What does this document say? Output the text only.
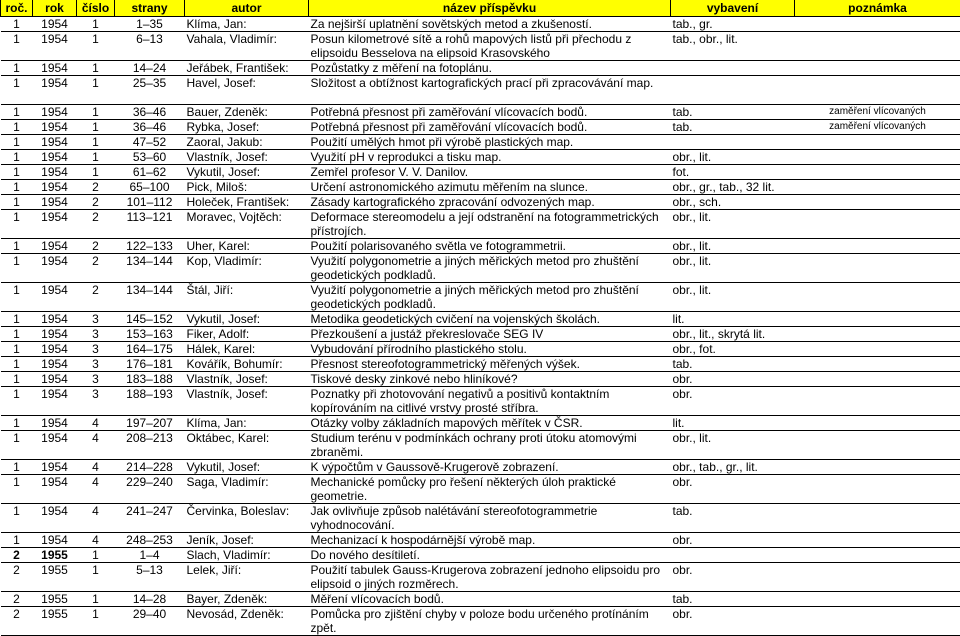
roč.	rok	číslo	strany	autor	název příspěvku	vybavení	poznámka
1	1954	1	1–35	Klíma, Jan:	Za nejširší uplatnění sovětských metod a zkušeností.	tab., gr.	
1	1954	1	6–13	Vahala, Vladimír:	Posun kilometrové sítě a rohů mapových listů při přechodu z elipsoidu Besselova na elipsoid Krasovského	tab., obr., lit.	
1	1954	1	14–24	Jeřábek, František:	Pozůstatky z měření na fotoplánu.		
1	1954	1	25–35	Havel, Josef:	Složitost a obtížnost kartografických prací při zpracovávání map.		
1	1954	1	36–46	Bauer, Zdeněk:	Potřebná přesnost při zaměřování vlícovacích bodů.	tab.	zaměření vlícovaných
1	1954	1	36–46	Rybka, Josef:	Potřebná přesnost při zaměřování vlícovacích bodů.	tab.	zaměření vlícovaných
1	1954	1	47–52	Zaoral, Jakub:	Použití umělých hmot při výrobě plastických map.		
1	1954	1	53–60	Vlastník, Josef:	Využití pH v reprodukci a tisku map.	obr., lit.	
1	1954	1	61–62	Vykutil, Josef:	Zemřel profesor V. V. Danilov.	fot.	
1	1954	2	65–100	Pick, Miloš:	Určení astronomického azimutu měřením na slunce.	obr., gr., tab., 32 lit.	
1	1954	2	101–112	Holeček, František:	Zásady kartografického zpracování odvozených map.	obr., sch.	
1	1954	2	113–121	Moravec, Vojtěch:	Deformace stereomodelu a její odstranění na fotogrammetrických přístrojích.	obr., lit.	
1	1954	2	122–133	Uher, Karel:	Použití polarisovaného světla ve fotogrammetrii.	obr., lit.	
1	1954	2	134–144	Kop, Vladimír:	Využití polygonometrie a jiných měřických metod pro zhuštění geodetických podkladů.	obr., lit.	
1	1954	2	134–144	Štál, Jiří:	Využití polygonometrie a jiných měřických metod pro zhuštění geodetických podkladů.	obr., lit.	
1	1954	3	145–152	Vykutil, Josef:	Metodika geodetických cvičení na vojenských školách.	lit.	
1	1954	3	153–163	Fiker, Adolf:	Přezkoušení a justáž překreslovače SEG IV	obr., lit., skrytá lit.	
1	1954	3	164–175	Hálek, Karel:	Vybudování přírodního plastického stolu.	obr., fot.	
1	1954	3	176–181	Kovářík, Bohumír:	Přesnost stereofotogrammetrický měřených výšek.	tab.	
1	1954	3	183–188	Vlastník, Josef:	Tiskové desky zinkové nebo hliníkové?	obr.	
1	1954	3	188–193	Vlastník, Josef:	Poznatky při zhotovování negativů a positivů kontaktním kopírováním na citlivé vrstvy prosté stříbra.	obr.	
1	1954	4	197–207	Klíma, Jan:	Otázky volby základních mapových měřítek v ČSR.	lit.	
1	1954	4	208–213	Oktábec, Karel:	Studium terénu v podmínkách ochrany proti útoku atomovými zbraněmi.	obr., lit.	
1	1954	4	214–228	Vykutil, Josef:	K výpočtům v Gaussově-Krugerově zobrazení.	obr., tab., gr., lit.	
1	1954	4	229–240	Saga, Vladimír:	Mechanické pomůcky pro řešení některých úloh praktické geometrie.	obr.	
1	1954	4	241–247	Červinka, Boleslav:	Jak ovlivňuje způsob nalétávání stereofotogrammetrie vyhodnocování.	tab.	
1	1954	4	248–253	Jeník, Josef:	Mechanizací k hospodárnější výrobě map.	obr.	
2	1955	1	1–4	Slach, Vladimír:	Do nového desítiletí.		
2	1955	1	5–13	Lelek, Jiří:	Použití tabulek Gauss-Krugerova zobrazení jednoho elipsoidu pro elipsoid o jiných rozměrech.	obr.	
2	1955	1	14–28	Bayer, Zdeněk:	Měření vlícovacích bodů.	tab.	
2	1955	1	29–40	Nevosád, Zdeněk:	Pomůcka pro zjištění chyby v poloze bodu určeného protínáním zpět.	obr.	
